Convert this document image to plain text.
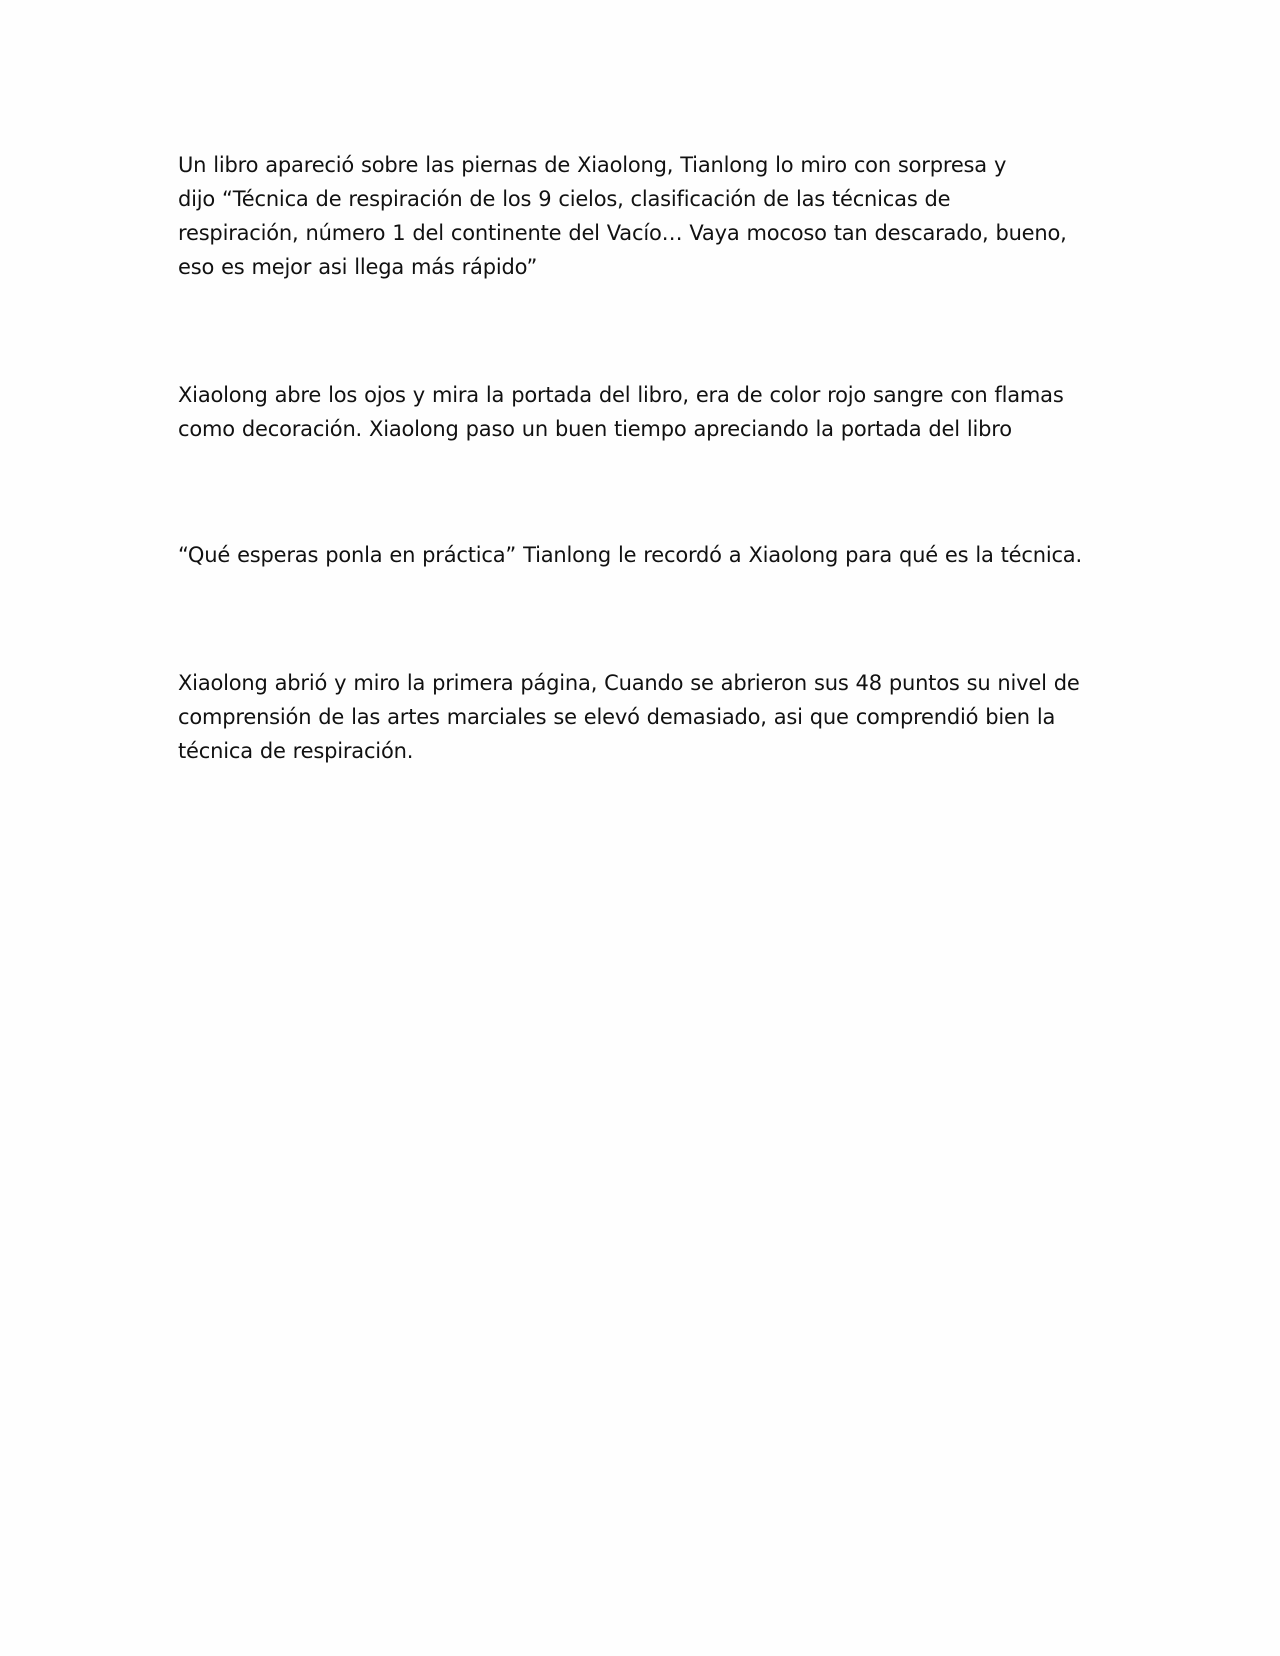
Un libro apareció sobre las piernas de Xiaolong, Tianlong lo miro con sorpresa y
dijo “Técnica de respiración de los 9 cielos, clasificación de las técnicas de
respiración, número 1 del continente del Vacío… Vaya mocoso tan descarado, bueno,
eso es mejor asi llega más rápido”

Xiaolong abre los ojos y mira la portada del libro, era de color rojo sangre con flamas
como decoración. Xiaolong paso un buen tiempo apreciando la portada del libro

“Qué esperas ponla en práctica” Tianlong le recordó a Xiaolong para qué es la técnica.

Xiaolong abrió y miro la primera página, Cuando se abrieron sus 48 puntos su nivel de
comprensión de las artes marciales se elevó demasiado, asi que comprendió bien la
técnica de respiración.
